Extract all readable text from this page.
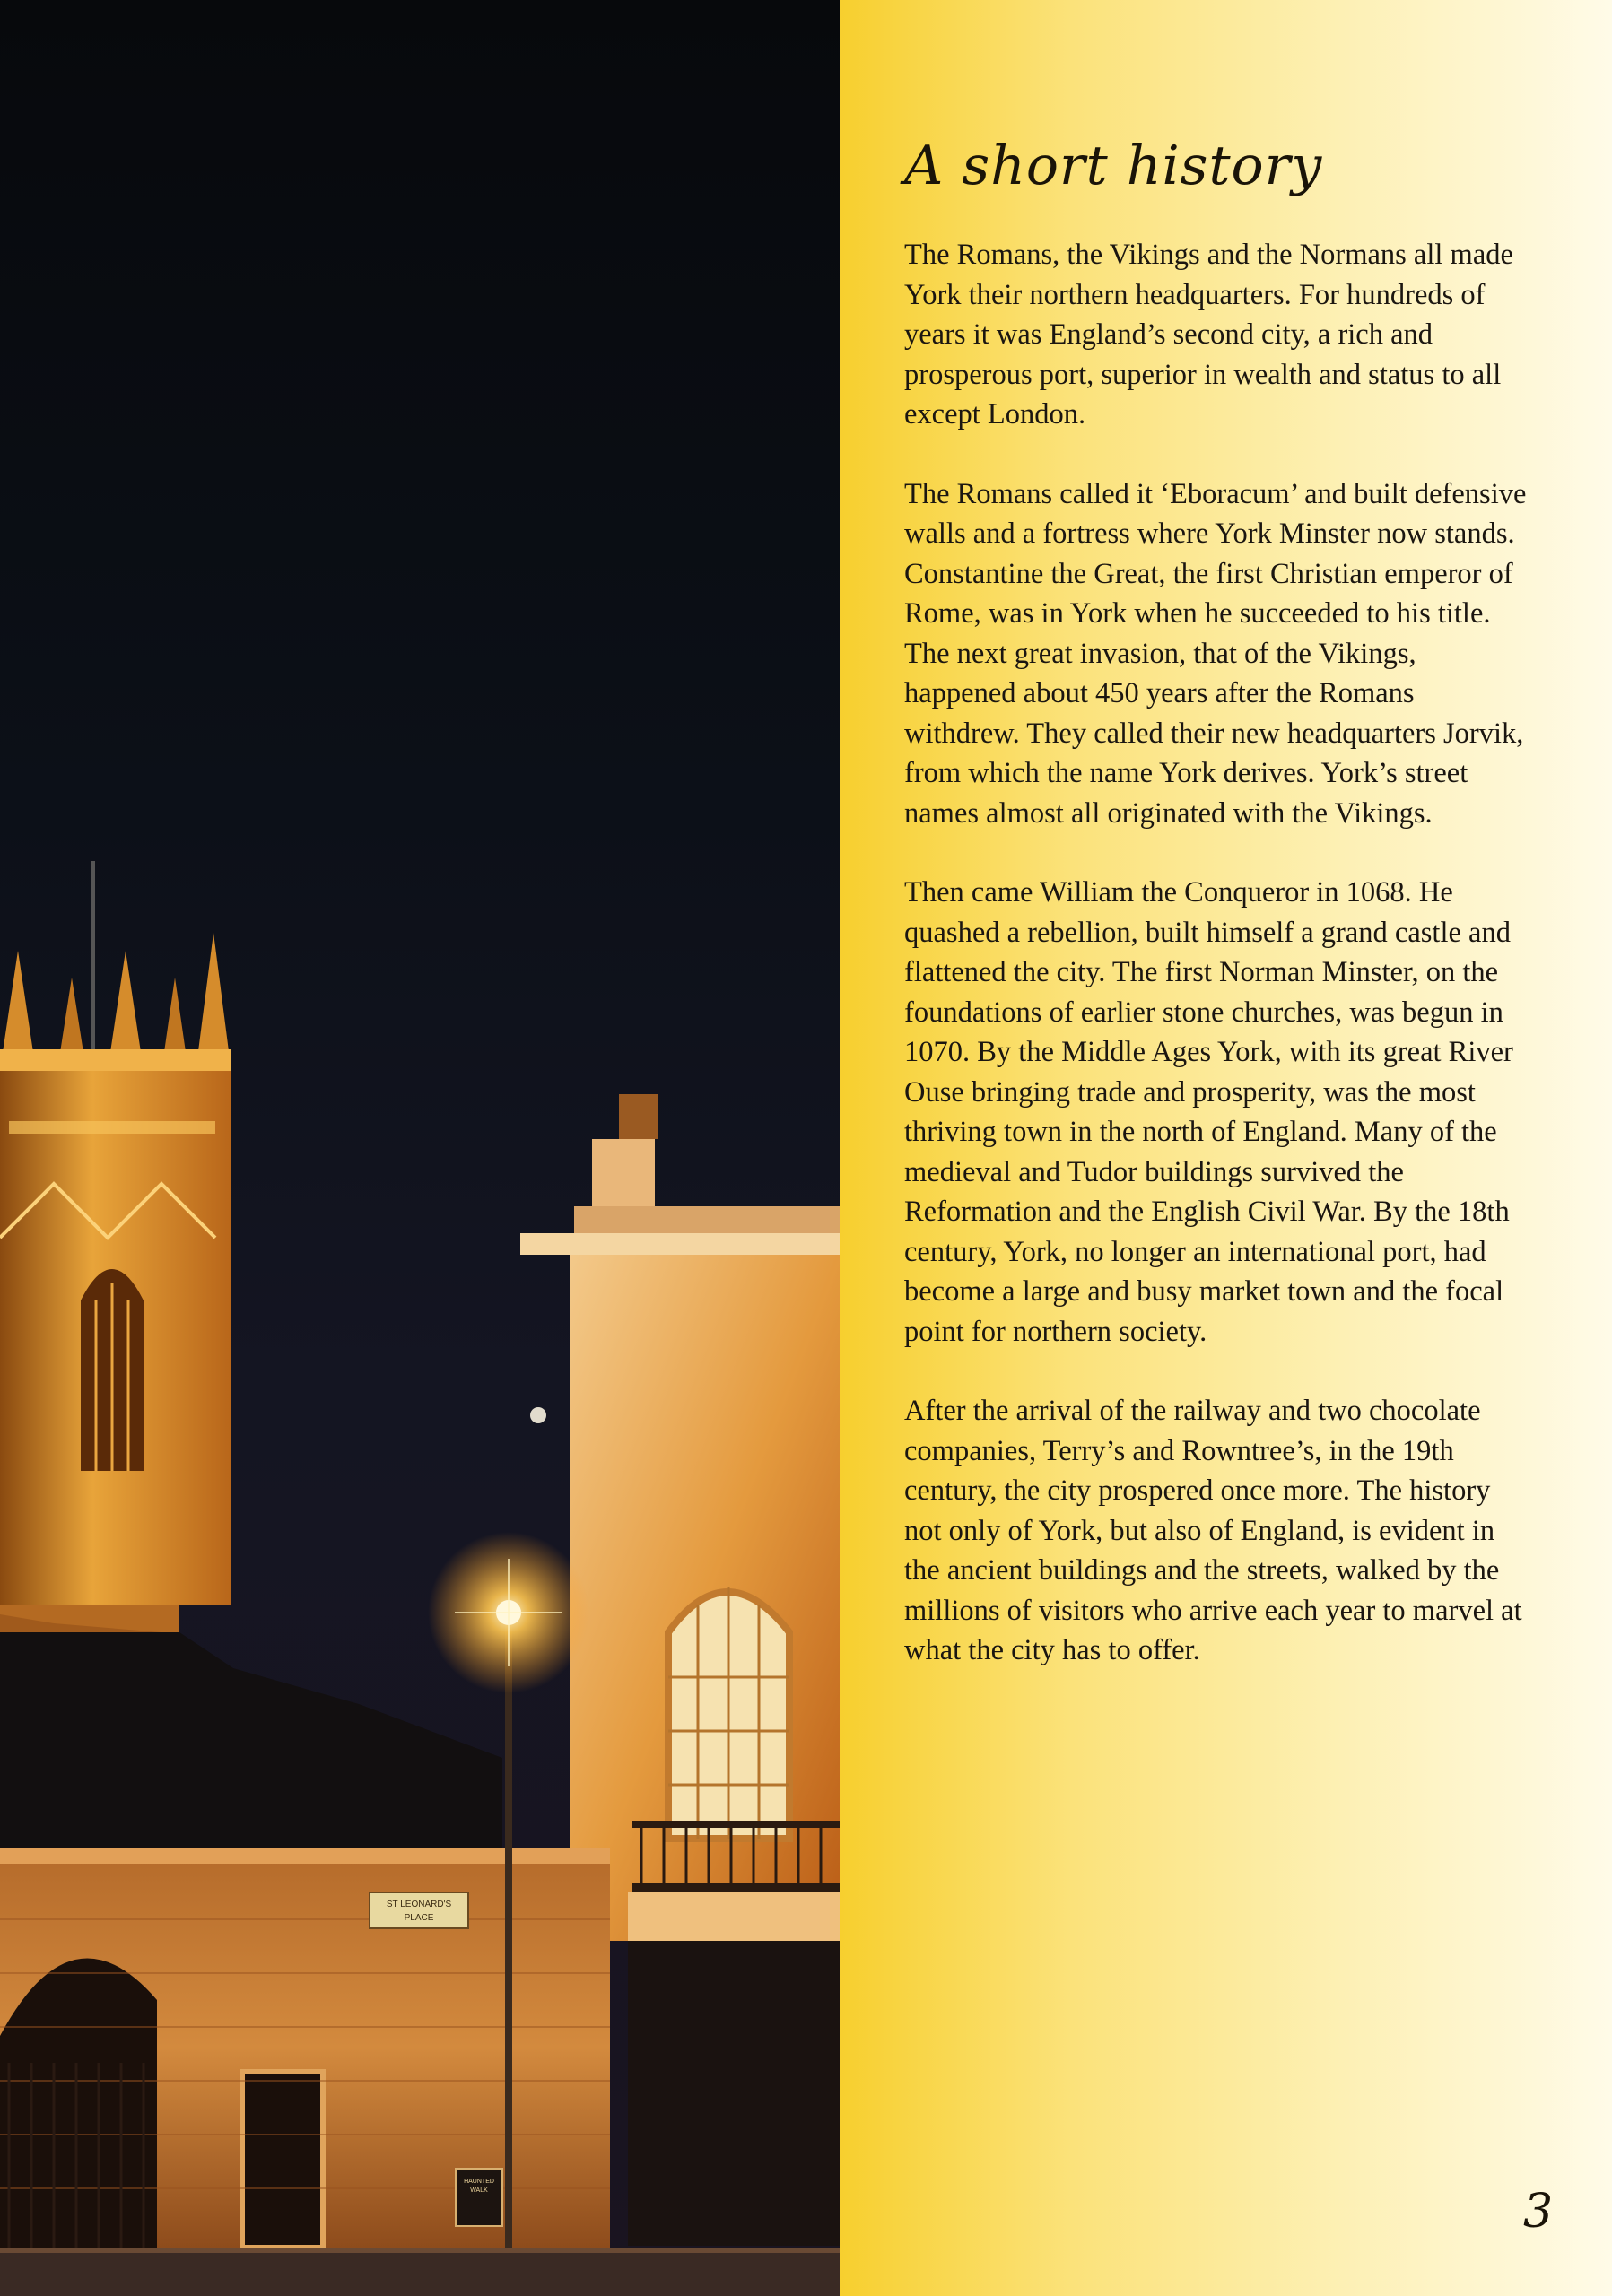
ST LEONARD'S
PLACE
HAUNTED
WALK
A short history

The Romans, the Vikings and the Normans all made York their northern headquarters. For hundreds of years it was England’s second city, a rich and prosperous port, superior in wealth and status to all except London.

The Romans called it ‘Eboracum’ and built defensive walls and a fortress where York Minster now stands. Constantine the Great, the first Christian emperor of Rome, was in York when he succeeded to his title. The next great invasion, that of the Vikings, happened about 450 years after the Romans withdrew. They called their new headquarters Jorvik, from which the name York derives. York’s street names almost all originated with the Vikings.

Then came William the Conqueror in 1068. He quashed a rebellion, built himself a grand castle and flattened the city. The first Norman Minster, on the foundations of earlier stone churches, was begun in 1070. By the Middle Ages York, with its great River Ouse bringing trade and prosperity, was the most thriving town in the north of England. Many of the medieval and Tudor buildings survived the Reformation and the English Civil War. By the 18th century, York, no longer an international port, had become a large and busy market town and the focal point for northern society.

After the arrival of the railway and two chocolate companies, Terry’s and Rowntree’s, in the 19th century, the city prospered once more. The history not only of York, but also of England, is evident in the ancient buildings and the streets, walked by the millions of visitors who arrive each year to marvel at what the city has to offer.

3
